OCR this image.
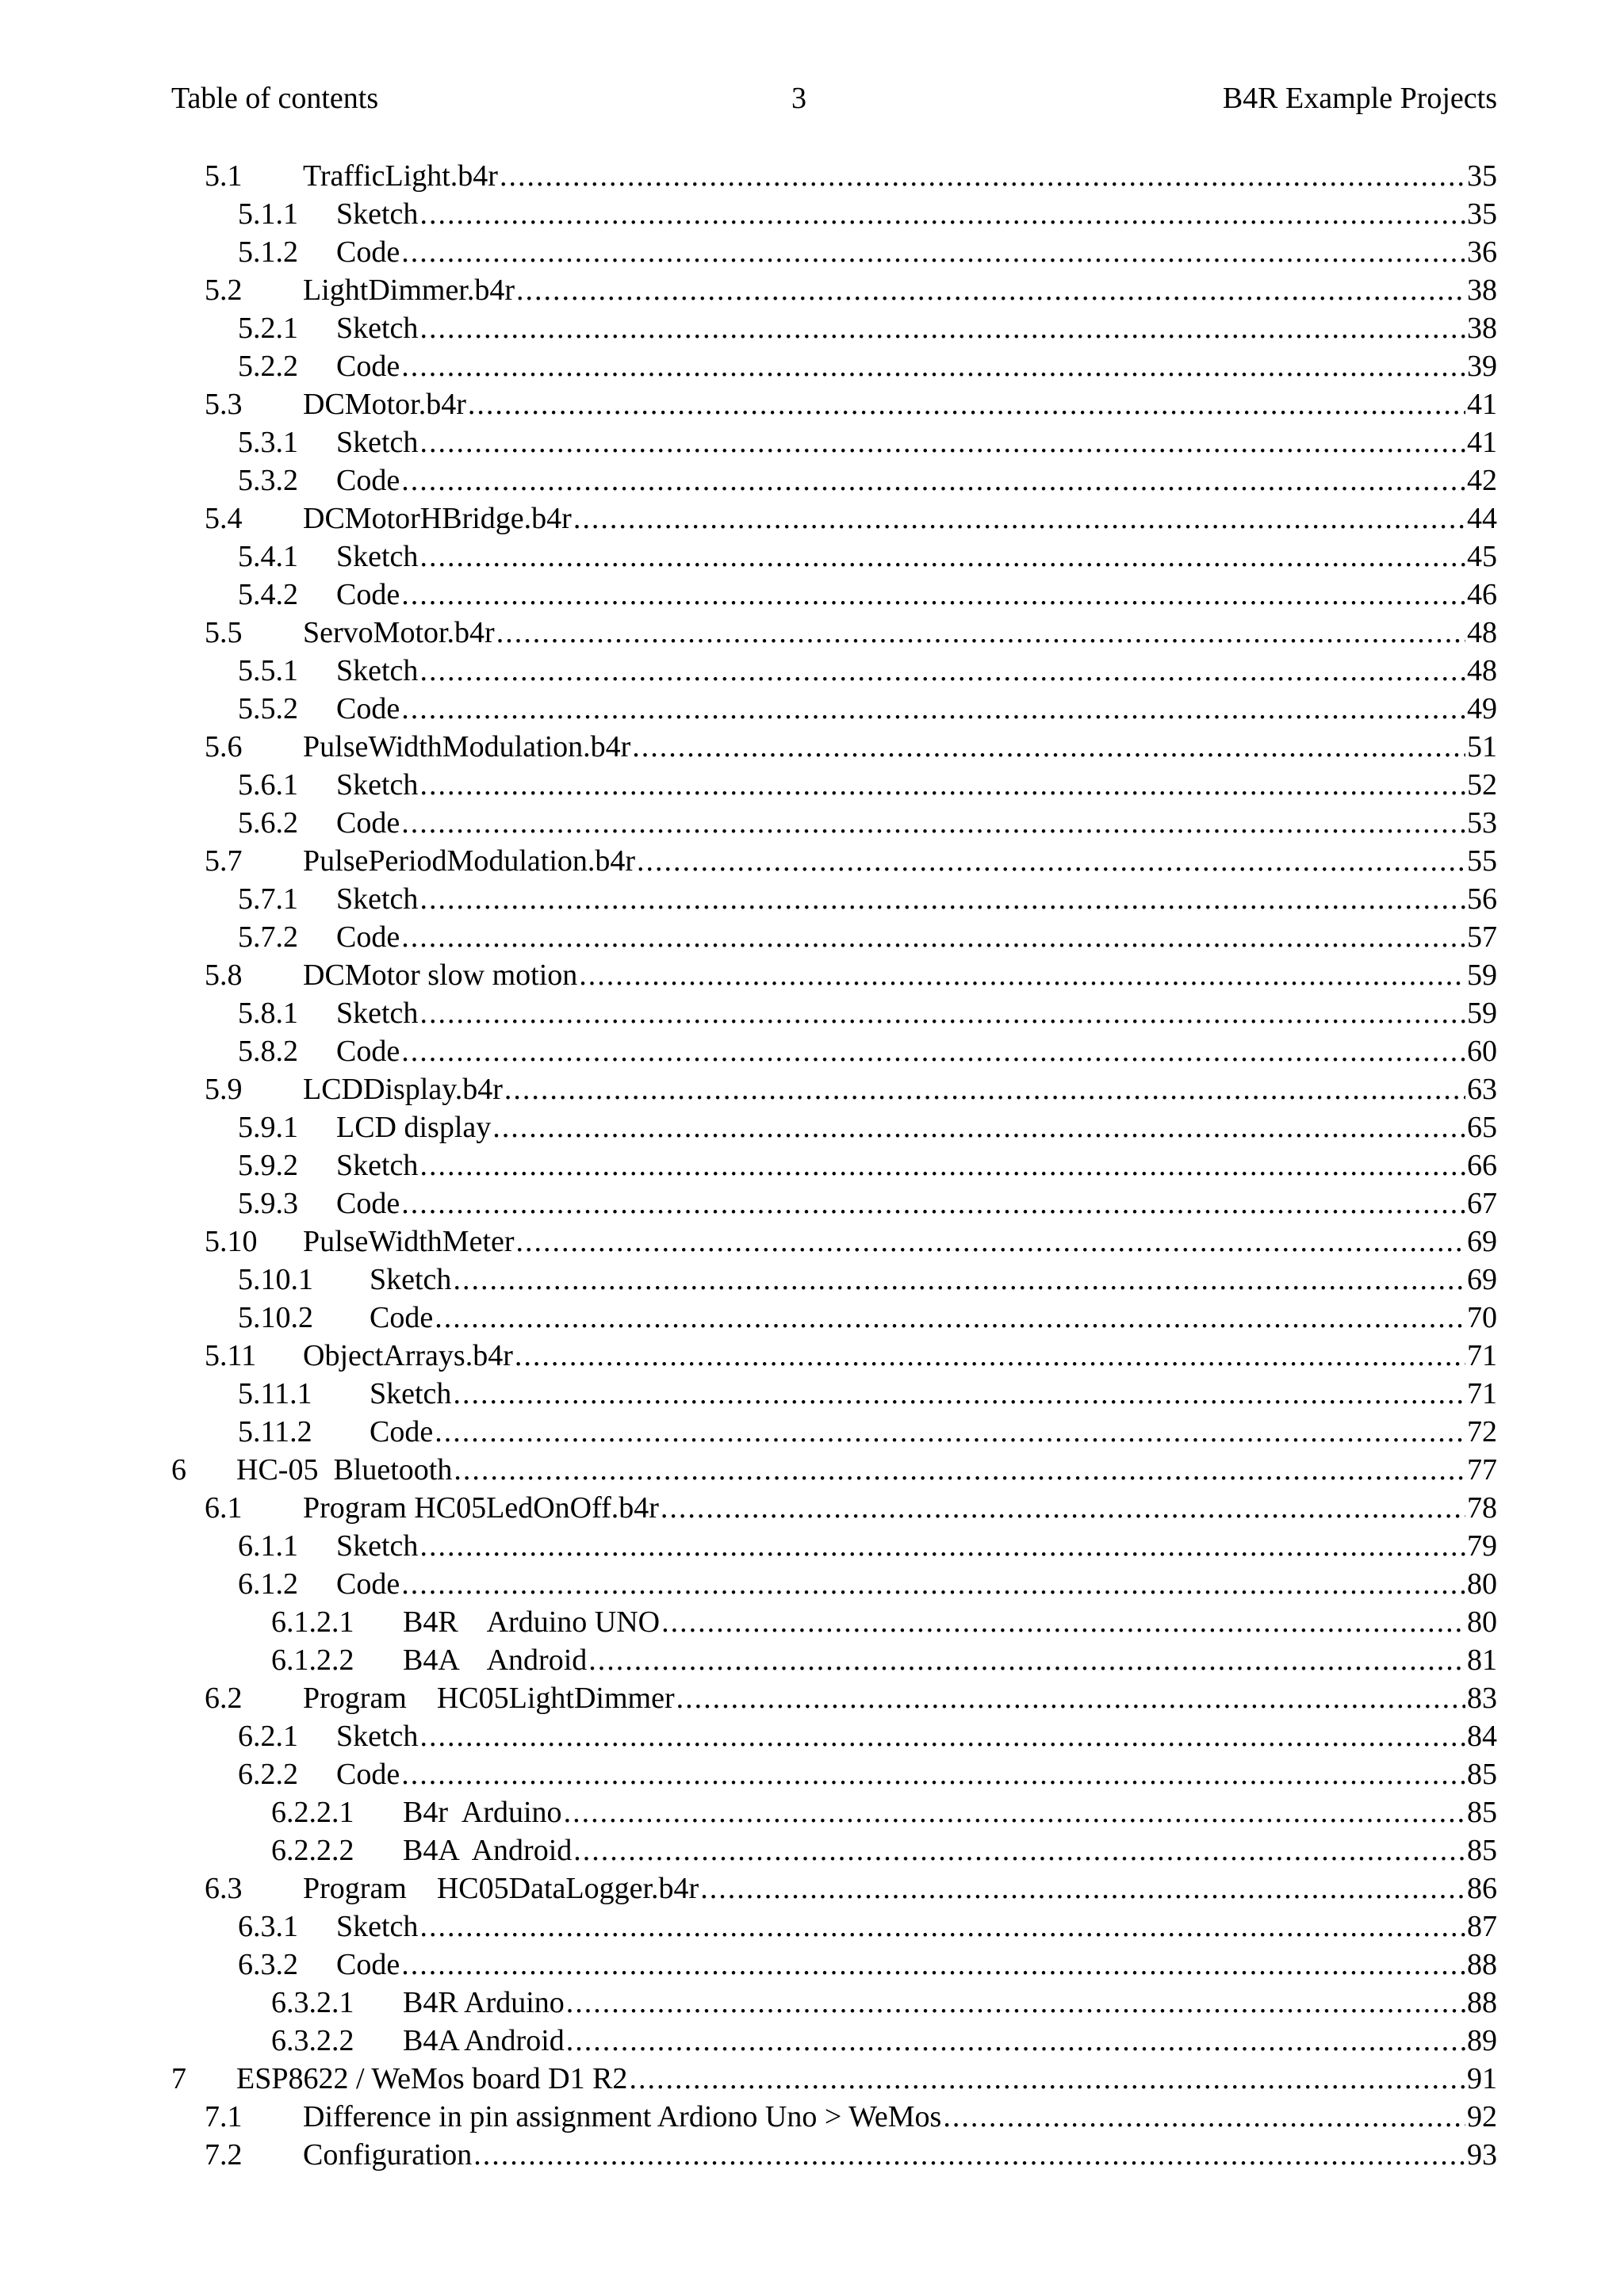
Table of contents	3	B4R Example Projects
5.1	TrafficLight.b4r .....	35
5.1.1	Sketch .....	35
5.1.2	Code .....	36
5.2	LightDimmer.b4r .....	38
5.2.1	Sketch .....	38
5.2.2	Code .....	39
5.3	DCMotor.b4r .....	41
5.3.1	Sketch .....	41
5.3.2	Code .....	42
5.4	DCMotorHBridge.b4r .....	44
5.4.1	Sketch .....	45
5.4.2	Code .....	46
5.5	ServoMotor.b4r .....	48
5.5.1	Sketch .....	48
5.5.2	Code .....	49
5.6	PulseWidthModulation.b4r .....	51
5.6.1	Sketch .....	52
5.6.2	Code .....	53
5.7	PulsePeriodModulation.b4r .....	55
5.7.1	Sketch .....	56
5.7.2	Code .....	57
5.8	DCMotor slow motion .....	59
5.8.1	Sketch .....	59
5.8.2	Code .....	60
5.9	LCDDisplay.b4r .....	63
5.9.1	LCD display .....	65
5.9.2	Sketch .....	66
5.9.3	Code .....	67
5.10	PulseWidthMeter .....	69
5.10.1	Sketch .....	69
5.10.2	Code .....	70
5.11	ObjectArrays.b4r .....	71
5.11.1	Sketch .....	71
5.11.2	Code .....	72
6	HC-05  Bluetooth .....	77
6.1	Program HC05LedOnOff.b4r .....	78
6.1.1	Sketch .....	79
6.1.2	Code .....	80
6.1.2.1	B4R    Arduino UNO .....	80
6.1.2.2	B4A    Android .....	81
6.2	Program    HC05LightDimmer .....	83
6.2.1	Sketch .....	84
6.2.2	Code .....	85
6.2.2.1	B4r  Arduino .....	85
6.2.2.2	B4A  Android .....	85
6.3	Program    HC05DataLogger.b4r .....	86
6.3.1	Sketch .....	87
6.3.2	Code .....	88
6.3.2.1	B4R Arduino .....	88
6.3.2.2	B4A Android .....	89
7	ESP8622 / WeMos board D1 R2 .....	91
7.1	Difference in pin assignment Ardiono Uno > WeMos .....	92
7.2	Configuration .....	93
